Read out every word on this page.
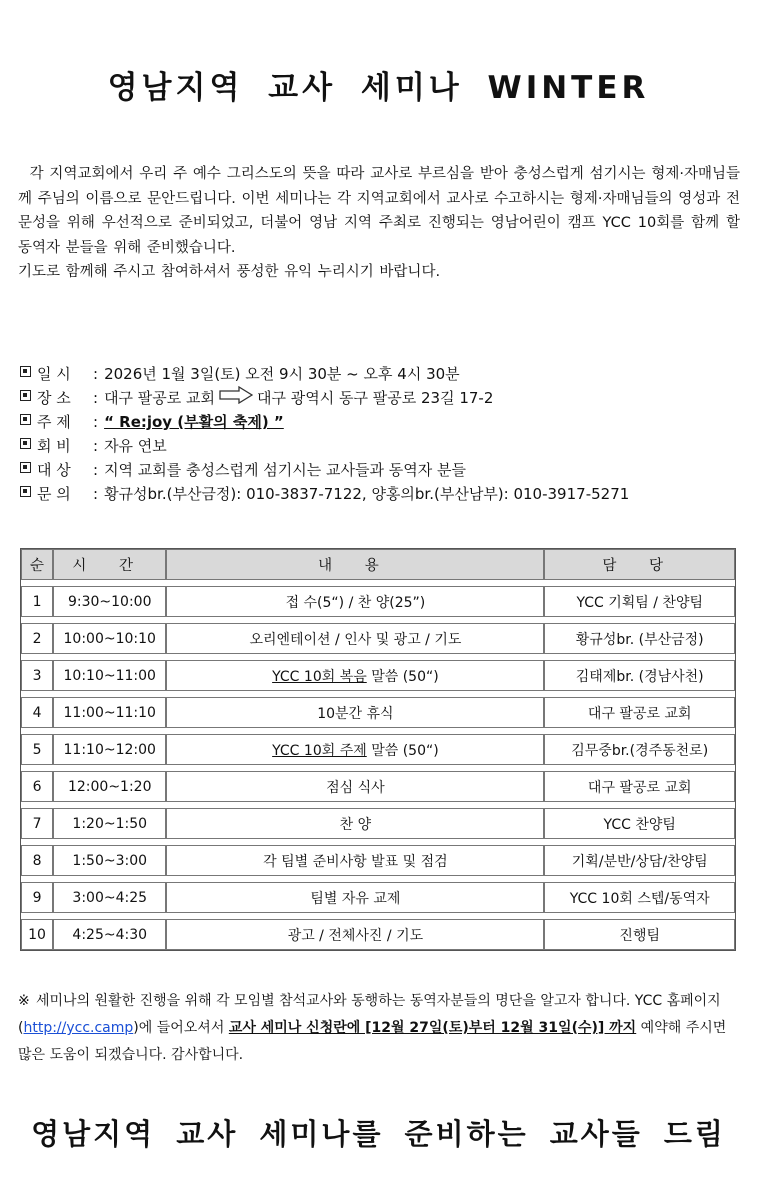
영남지역 교사 세미나 WINTER

각 지역교회에서 우리 주 예수 그리스도의 뜻을 따라 교사로 부르심을 받아 충성스럽게 섬기시는 형제·자매님들께 주님의 이름으로 문안드립니다. 이번 세미나는 각 지역교회에서 교사로 수고하시는 형제·자매님들의 영성과 전문성을 위해 우선적으로 준비되었고, 더불어 영남 지역 주최로 진행되는 영남어린이 캠프 YCC 10회를 함께 할 동역자 분들을 위해 준비했습니다.

기도로 함께해 주시고 참여하셔서 풍성한 유익 누리시기 바랍니다.

일 시	: 2026년 1월 3일(토) 오전 9시 30분 ~ 오후 4시 30분
장 소	: 대구 팔공로 교회	대구 광역시 동구 팔공로 23길 17-2
주 제	: “ Re:joy (부활의 축제) ”
회 비	: 자유 연보
대 상	: 지역 교회를 충성스럽게 섬기시는 교사들과 동역자 분들
문 의	: 황규성br.(부산금정): 010-3837-7122, 양홍의br.(부산남부): 010-3917-5271
순	시 간	내 용	담 당

1	9:30~10:00	접 수(5“) / 찬 양(25”)	YCC 기획팀 / 찬양팀

2	10:00~10:10	오리엔테이션 / 인사 및 광고 / 기도	황규성br. (부산금정)

3	10:10~11:00	YCC 10회 복음 말씀 (50“)	김태제br. (경남사천)

4	11:00~11:10	10분간 휴식	대구 팔공로 교회

5	11:10~12:00	YCC 10회 주제 말씀 (50“)	김무중br.(경주동천로)

6	12:00~1:20	점심 식사	대구 팔공로 교회

7	1:20~1:50	찬 양	YCC 찬양팀

8	1:50~3:00	각 팀별 준비사항 발표 및 점검	기획/분반/상담/찬양팀

9	3:00~4:25	팀별 자유 교제	YCC 10회 스텝/동역자

10	4:25~4:30	광고 / 전체사진 / 기도	진행팀
※ 세미나의 원활한 진행을 위해 각 모임별 참석교사와 동행하는 동역자분들의 명단을 알고자 합니다. YCC 홈페이지(http://ycc.camp)에 들어오셔서 교사 세미나 신청란에 [12월 27일(토)부터 12월 31일(수)] 까지 예약해 주시면 많은 도움이 되겠습니다. 감사합니다.
영남지역 교사 세미나를 준비하는 교사들 드림
